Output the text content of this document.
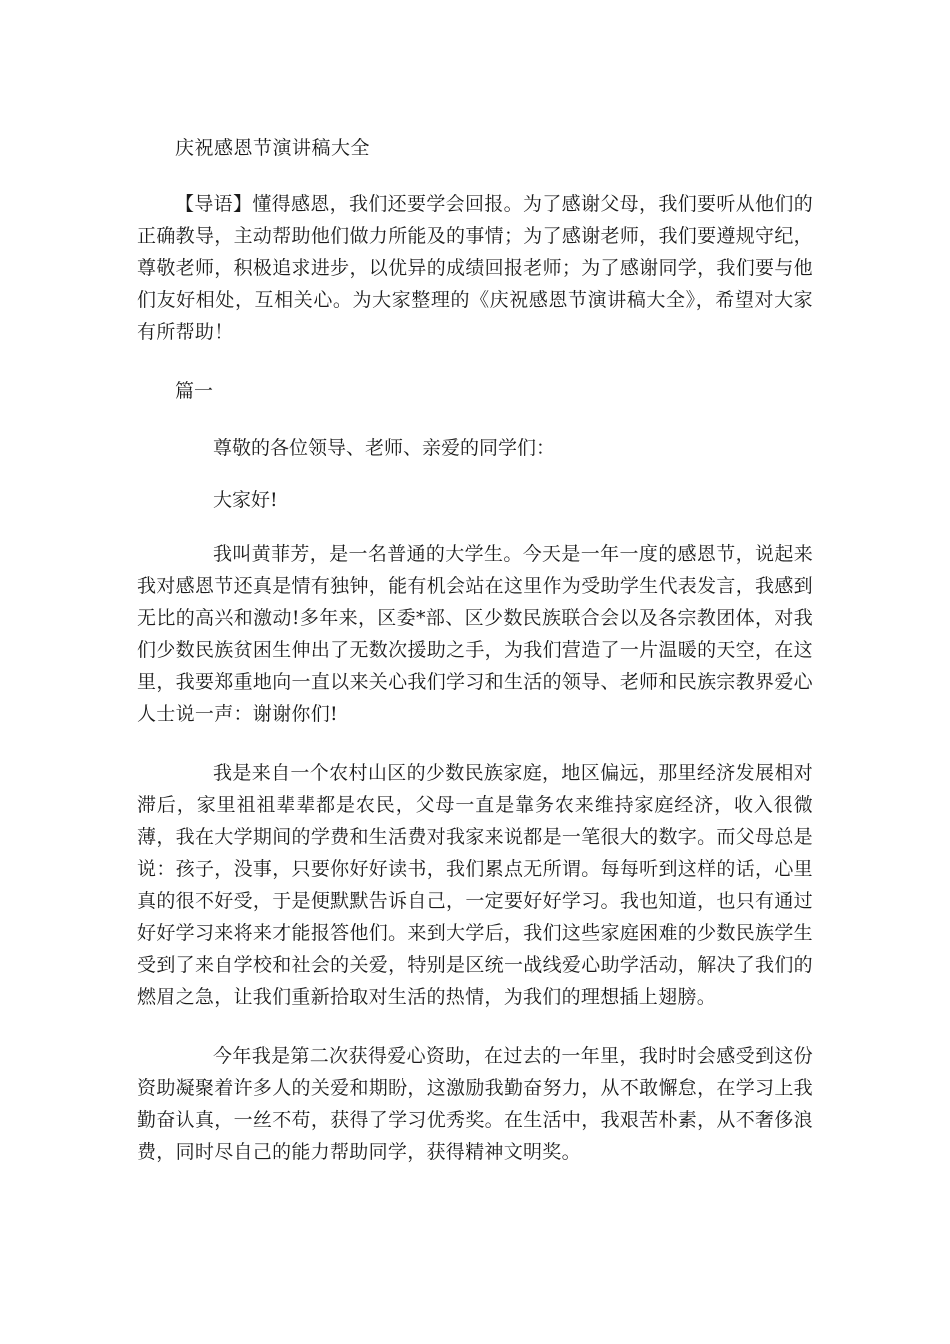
庆祝感恩节演讲稿大全
【导语】懂得感恩，我们还要学会回报。为了感谢父母，我们要听从他们的正确教导，主动帮助他们做力所能及的事情；为了感谢老师，我们要遵规守纪，尊敬老师，积极追求进步，以优异的成绩回报老师；为了感谢同学，我们要与他们友好相处，互相关心。为大家整理的《庆祝感恩节演讲稿大全》，希望对大家有所帮助！
篇一
尊敬的各位领导、老师、亲爱的同学们：
大家好!
我叫黄菲芳，是一名普通的大学生。今天是一年一度的感恩节，说起来我对感恩节还真是情有独钟，能有机会站在这里作为受助学生代表发言，我感到无比的高兴和激动!多年来，区委*部、区少数民族联合会以及各宗教团体，对我们少数民族贫困生伸出了无数次援助之手，为我们营造了一片温暖的天空，在这里，我要郑重地向一直以来关心我们学习和生活的领导、老师和民族宗教界爱心人士说一声：谢谢你们!
我是来自一个农村山区的少数民族家庭，地区偏远，那里经济发展相对滞后，家里祖祖辈辈都是农民，父母一直是靠务农来维持家庭经济，收入很微薄，我在大学期间的学费和生活费对我家来说都是一笔很大的数字。而父母总是说：孩子，没事，只要你好好读书，我们累点无所谓。每每听到这样的话，心里真的很不好受，于是便默默告诉自己，一定要好好学习。我也知道，也只有通过好好学习来将来才能报答他们。来到大学后，我们这些家庭困难的少数民族学生受到了来自学校和社会的关爱，特别是区统一战线爱心助学活动，解决了我们的燃眉之急，让我们重新拾取对生活的热情，为我们的理想插上翅膀。
今年我是第二次获得爱心资助，在过去的一年里，我时时会感受到这份资助凝聚着许多人的关爱和期盼，这激励我勤奋努力，从不敢懈怠，在学习上我勤奋认真，一丝不苟，获得了学习优秀奖。在生活中，我艰苦朴素，从不奢侈浪费，同时尽自己的能力帮助同学，获得精神文明奖。
